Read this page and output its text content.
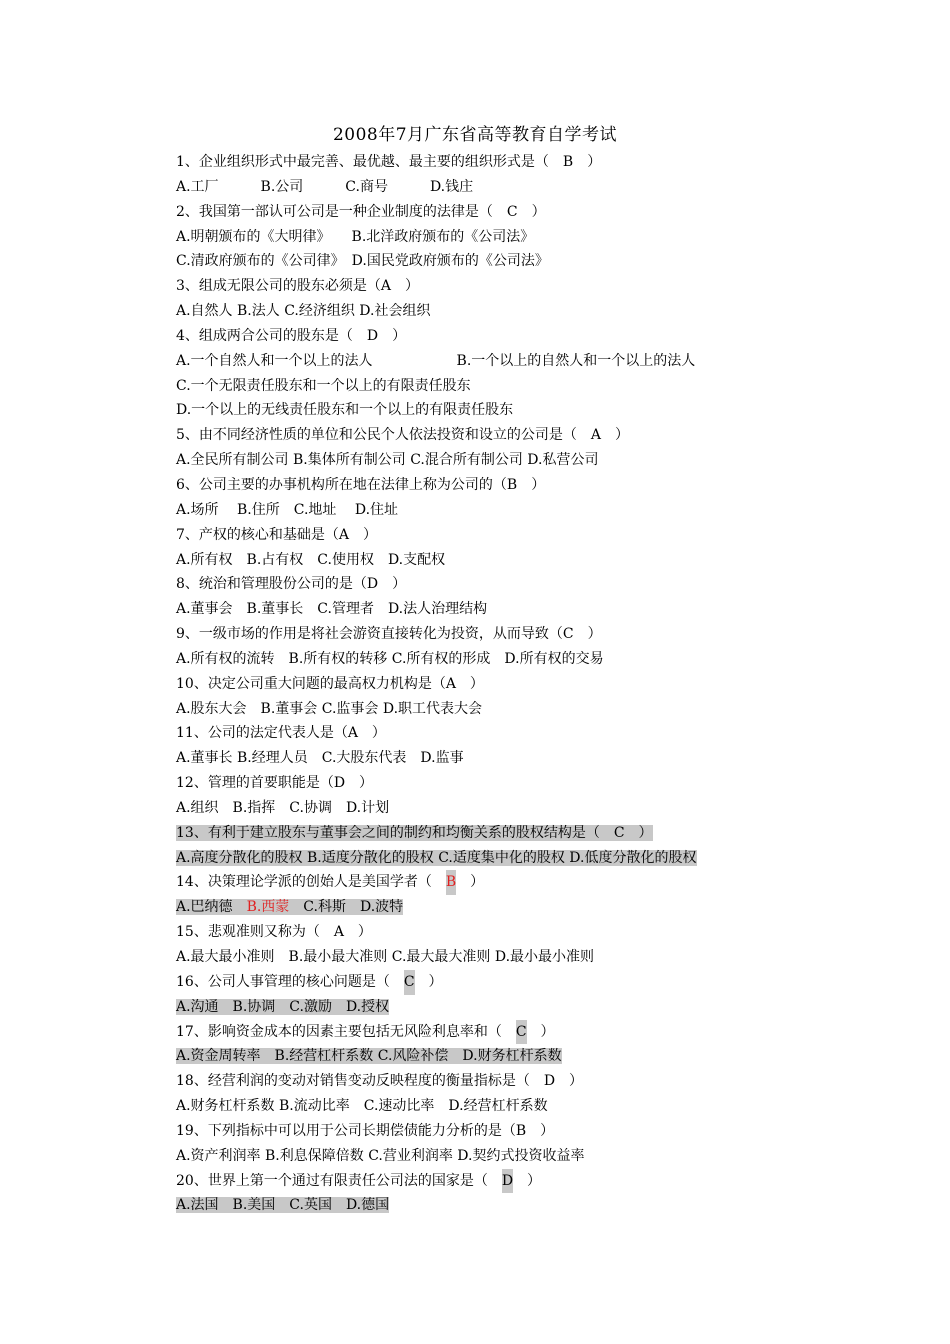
2008年7月广东省高等教育自学考试
1、企业组织形式中最完善、最优越、最主要的组织形式是（　B　）
A.工厂　　　B.公司　　　C.商号　　　D.钱庄
2、我国第一部认可公司是一种企业制度的法律是（　C　）
A.明朝颁布的《大明律》　　B.北洋政府颁布的《公司法》
C.清政府颁布的《公司律》　D.国民党政府颁布的《公司法》
3、组成无限公司的股东必须是（A　）
A.自然人 B.法人 C.经济组织 D.社会组织
4、组成两合公司的股东是（　D　）
A.一个自然人和一个以上的法人　　　　　　B.一个以上的自然人和一个以上的法人
C.一个无限责任股东和一个以上的有限责任股东
D.一个以上的无线责任股东和一个以上的有限责任股东
5、由不同经济性质的单位和公民个人依法投资和设立的公司是（　A　）
A.全民所有制公司 B.集体所有制公司 C.混合所有制公司 D.私营公司
6、公司主要的办事机构所在地在法律上称为公司的（B　）
A.场所　 B.住所　C.地址　 D.住址
7、产权的核心和基础是（A　）
A.所有权　B.占有权　C.使用权　D.支配权
8、统治和管理股份公司的是（D　）
A.董事会　B.董事长　C.管理者　D.法人治理结构
9、一级市场的作用是将社会游资直接转化为投资，从而导致（C　）
A.所有权的流转　B.所有权的转移 C.所有权的形成　D.所有权的交易
10、决定公司重大问题的最高权力机构是（A　）
A.股东大会　B.董事会 C.监事会 D.职工代表大会
11、公司的法定代表人是（A　）
A.董事长 B.经理人员　C.大股东代表　D.监事
12、管理的首要职能是（D　）
A.组织　B.指挥　C.协调　D.计划
13、有利于建立股东与董事会之间的制约和均衡关系的股权结构是（　C　）
A.高度分散化的股权 B.适度分散化的股权 C.适度集中化的股权 D.低度分散化的股权
14、决策理论学派的创始人是美国学者（　B　）
A.巴纳德　B.西蒙　C.科斯　D.波特
15、悲观准则又称为（　A　）
A.最大最小准则　B.最小最大准则 C.最大最大准则 D.最小最小准则
16、公司人事管理的核心问题是（　C　）
A.沟通　B.协调　C.激励　D.授权
17、影响资金成本的因素主要包括无风险利息率和（　C　）
A.资金周转率　B.经营杠杆系数 C.风险补偿　D.财务杠杆系数
18、经营利润的变动对销售变动反映程度的衡量指标是（　D　）
A.财务杠杆系数 B.流动比率　C.速动比率　D.经营杠杆系数
19、下列指标中可以用于公司长期偿债能力分析的是（B　）
A.资产利润率 B.利息保障倍数 C.营业利润率 D.契约式投资收益率
20、世界上第一个通过有限责任公司法的国家是（　D　）
A.法国　B.美国　C.英国　D.德国
